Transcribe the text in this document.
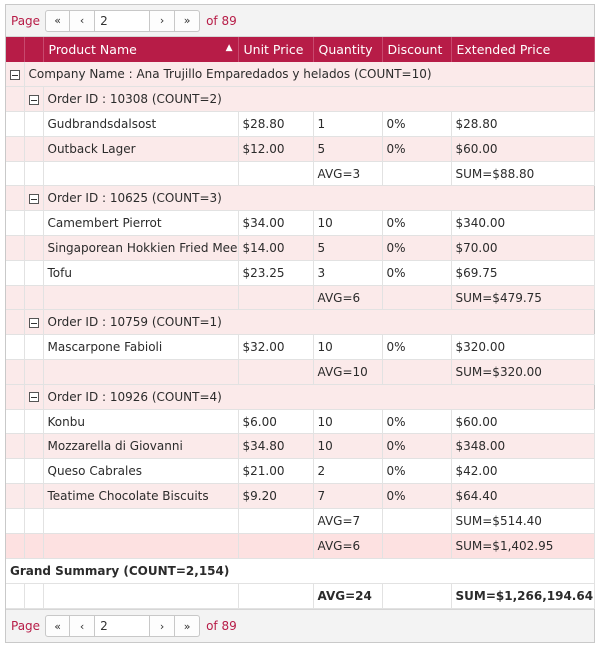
Page	«	‹
2	›	»	of 89
		Product Name ▲	Unit Price	Quantity	Discount	Extended Price
	Company Name : Ana Trujillo Emparedados y helados (COUNT=10)					
		Order ID : 10308 (COUNT=2)				
		Gudbrandsdalsost	$28.80	1	0%	$28.80
		Outback Lager	$12.00	5	0%	$60.00
				AVG=3		SUM=$88.80
		Order ID : 10625 (COUNT=3)				
		Camembert Pierrot	$34.00	10	0%	$340.00
		Singaporean Hokkien Fried Mee	$14.00	5	0%	$70.00
		Tofu	$23.25	3	0%	$69.75
				AVG=6		SUM=$479.75
		Order ID : 10759 (COUNT=1)				
		Mascarpone Fabioli	$32.00	10	0%	$320.00
				AVG=10		SUM=$320.00
		Order ID : 10926 (COUNT=4)				
		Konbu	$6.00	10	0%	$60.00
		Mozzarella di Giovanni	$34.80	10	0%	$348.00
		Queso Cabrales	$21.00	2	0%	$42.00
		Teatime Chocolate Biscuits	$9.20	7	0%	$64.40
				AVG=7		SUM=$514.40
				AVG=6		SUM=$1,402.95
Grand Summary (COUNT=2,154)						
				AVG=24		SUM=$1,266,194.64
Page	«	‹
2	›	»	of 89
